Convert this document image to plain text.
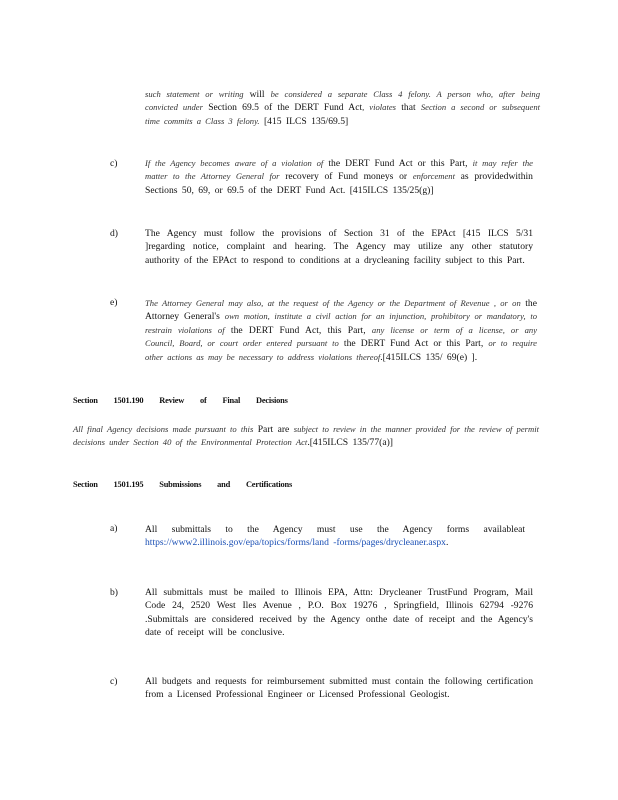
such statement or writing will be considered a separate Class 4 felony. A person who, after being convicted under Section 69.5 of the DERT Fund Act, violates that Section a second or subsequent time commits a Class 3 felony. [415 ILCS 135/69.5]
c)	If the Agency becomes aware of a violation of the DERT Fund Act or this Part, it may refer the matter to the Attorney General for recovery of Fund moneys or enforcement as providedwithin Sections 50, 69, or 69.5 of the DERT Fund Act. [415ILCS 135/25(g)]
d)	The Agency must follow the provisions of Section 31 of the EPAct [415 ILCS 5/31 ]regarding notice, complaint and hearing. The Agency may utilize any other statutory authority of the EPAct to respond to conditions at a drycleaning facility subject to this Part.
e)	The Attorney General may also, at the request of the Agency or the Department of Revenue , or on the Attorney General's own motion, institute a civil action for an injunction, prohibitory or mandatory, to restrain violations of the DERT Fund Act, this Part, any license or term of a license, or any Council, Board, or court order entered pursuant to the DERT Fund Act or this Part, or to require other actions as may be necessary to address violations thereof.[415ILCS 135/ 69(e) ].
Section 1501.190 Review of Final Decisions
All final Agency decisions made pursuant to this Part are subject to review in the manner provided for the review of permit decisions under Section 40 of the Environmental Protection Act.[415ILCS 135/77(a)]
Section 1501.195 Submissions and Certifications
a)	All submittals to the Agency must use the Agency forms availableat https://www2.illinois.gov/epa/topics/forms/land -forms/pages/drycleaner.aspx.
b)	All submittals must be mailed to Illinois EPA, Attn: Drycleaner TrustFund Program, Mail Code 24, 2520 West Iles Avenue , P.O. Box 19276 , Springfield, Illinois 62794 -9276 .Submittals are considered received by the Agency onthe date of receipt and the Agency's date of receipt will be conclusive.
c)	All budgets and requests for reimbursement submitted must contain the following certification from a Licensed Professional Engineer or Licensed Professional Geologist.
